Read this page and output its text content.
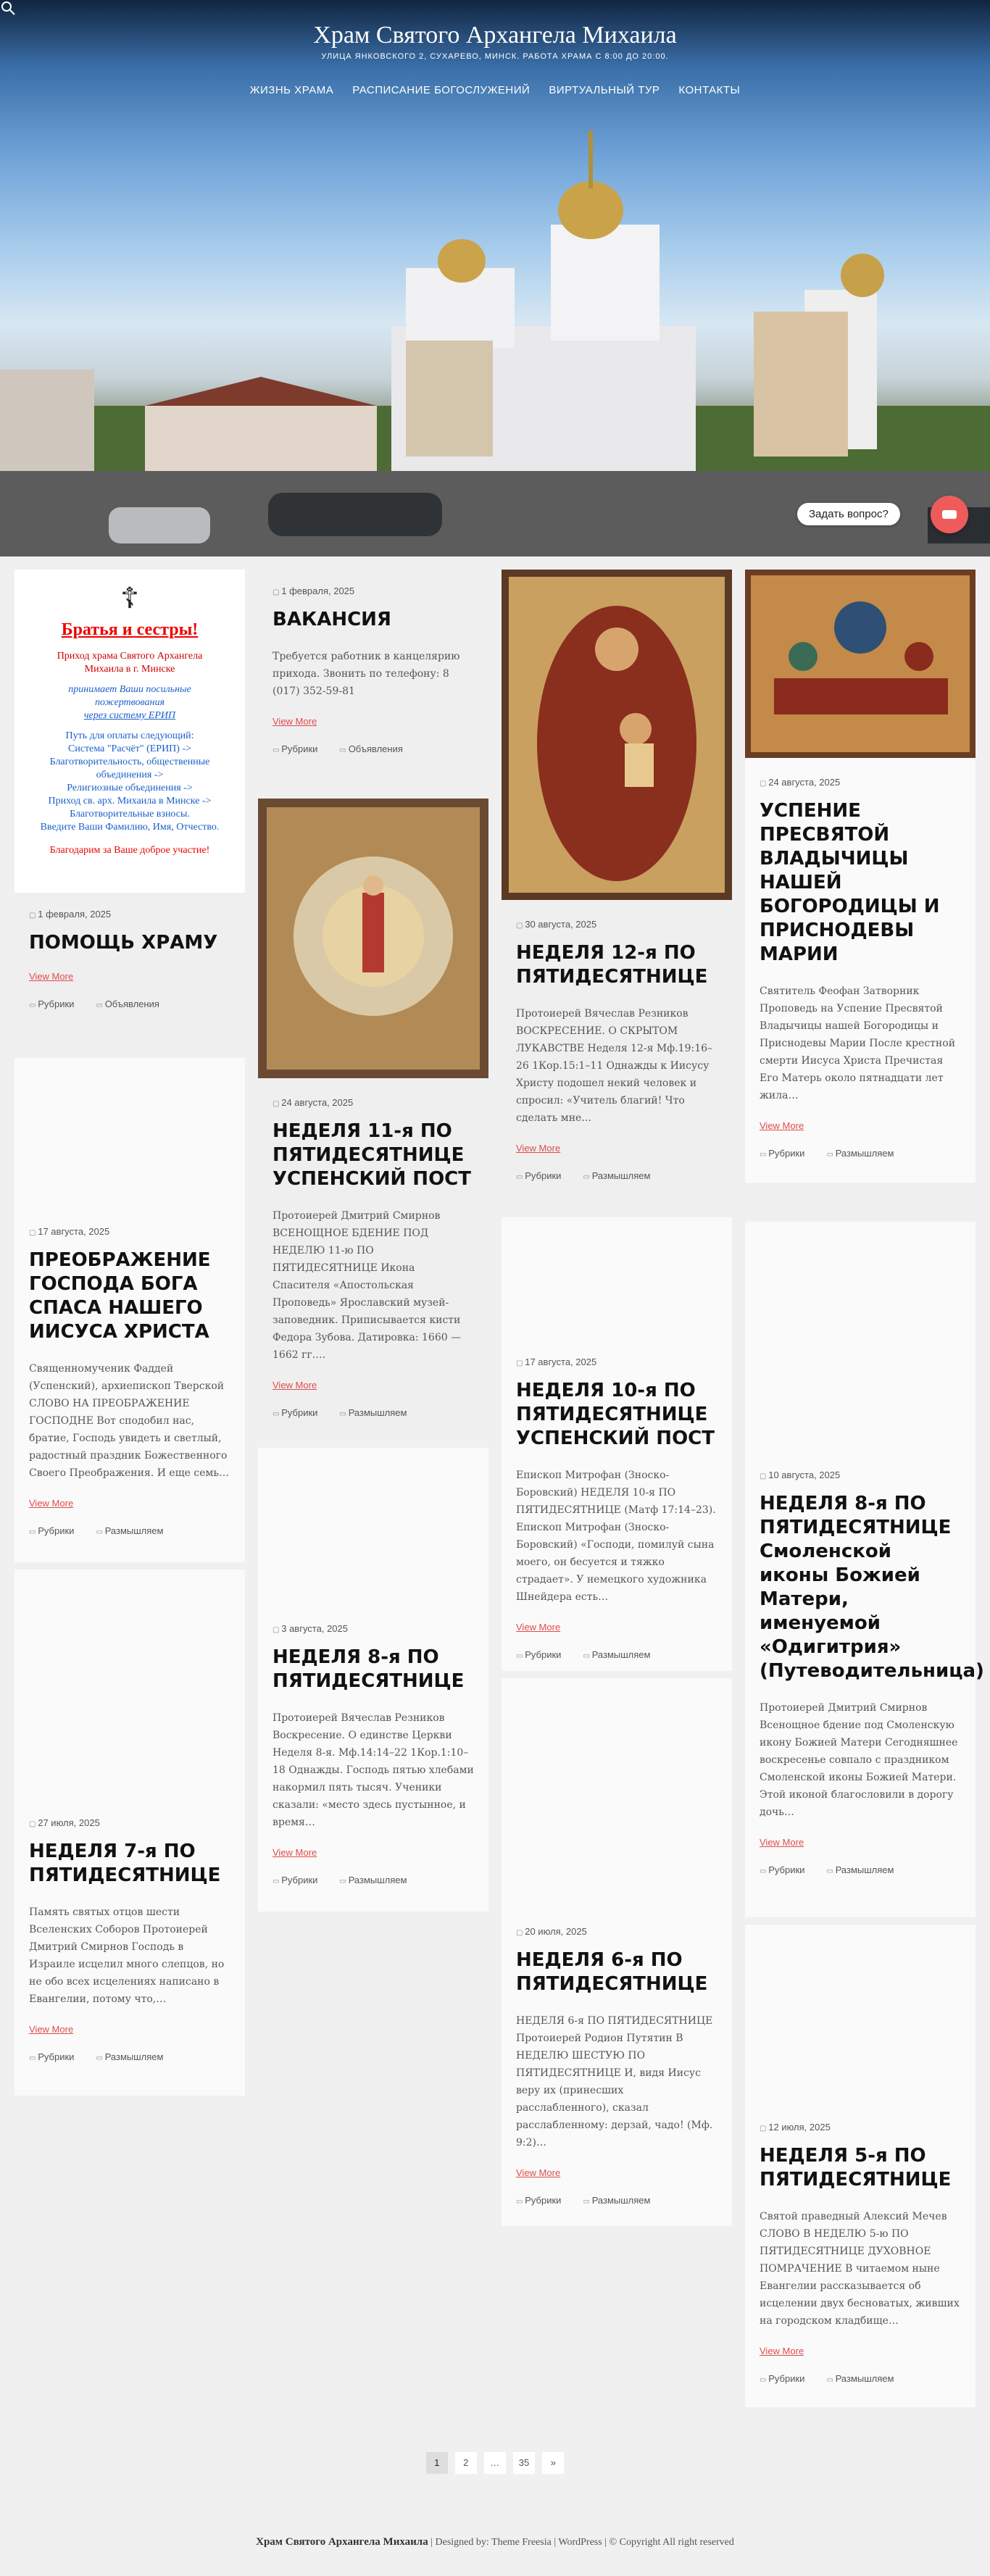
Храм Святого Архангела Михаила
УЛИЦА ЯНКОВСКОГО 2, СУХАРЕВО, МИНСК. РАБОТА ХРАМА С 8:00 ДО 20:00.
ЖИЗНЬ ХРАМА РАСПИСАНИЕ БОГОСЛУЖЕНИЙ ВИРТУАЛЬНЫЙ ТУР КОНТАКТЫ
Задать вопрос?
☦
Братья и сестры!

Приход храма Святого Архангела

Михаила в г. Минске

принимает Ваши посильные

пожертвования

через систему ЕРИП

Путь для оплаты следующий:

Система "Расчёт" (ЕРИП) ->

Благотворительность, общественные

объединения ->

Религиозные объединения ->

Приход св. арх. Михаила в Минске ->

Благотворительные взносы.

Введите Ваши Фамилию, Имя, Отчество.

Благодарим за Ваше доброе участие!

▢ 1 февраля, 2025
ПОМОЩЬ ХРАМУ
View More
▭ Рубрики	▭ Объявления
▢ 17 августа, 2025
ПРЕОБРАЖЕНИЕ ГОСПОДА БОГА СПАСА НАШЕГО ИИСУСА ХРИСТА
Священномученик Фаддей (Успенский), архиепископ Тверской СЛОВО НА ПРЕОБРАЖЕНИЕ ГОСПОДНЕ Вот сподобил нас, братие, Господь увидеть и светлый, радостный праздник Божественного Своего Преображения. И еще семь…
View More
▭ Рубрики	▭ Размышляем
▢ 27 июля, 2025
НЕДЕЛЯ 7-я ПО ПЯТИДЕСЯТНИЦЕ
Память святых отцов шести Вселенских Соборов Протоиерей Дмитрий Смирнов Господь в Израиле исцелил много слепцов, но не обо всех исцелениях написано в Евангелии, потому что,…
View More
▭ Рубрики	▭ Размышляем
▢ 1 февраля, 2025
ВАКАНСИЯ
Требуется работник в канцелярию прихода. Звонить по телефону: 8 (017) 352-59-81
View More
▭ Рубрики	▭ Объявления
▢ 24 августа, 2025
НЕДЕЛЯ 11-я ПО ПЯТИДЕСЯТНИЦЕ УСПЕНСКИЙ ПОСТ
Протоиерей Дмитрий Смирнов ВСЕНОЩНОЕ БДЕНИЕ ПОД НЕДЕЛЮ 11-ю ПО ПЯТИДЕСЯТНИЦЕ Икона Спасителя «Апостольская Проповедь» Ярославский музей-заповедник. Приписывается кисти Федора Зубова. Датировка: 1660 — 1662 гг.…
View More
▭ Рубрики	▭ Размышляем
▢ 3 августа, 2025
НЕДЕЛЯ 8-я ПО ПЯТИДЕСЯТНИЦЕ
Протоиерей Вячеслав Резников Воскресение. О единстве Церкви Неделя 8-я. Мф.14:14–22 1Кор.1:10–18 Однажды. Господь пятью хлебами накормил пять тысяч. Ученики сказали: «место здесь пустынное, и время…
View More
▭ Рубрики	▭ Размышляем
▢ 30 августа, 2025
НЕДЕЛЯ 12-я ПО ПЯТИДЕСЯТНИЦЕ
Протоиерей Вячеслав Резников ВОСКРЕСЕНИЕ. О СКРЫТОМ ЛУКАВСТВЕ Неделя 12-я Мф.19:16–26 1Кор.15:1–11 Однажды к Иисусу Христу подошел некий человек и спросил: «Учитель благий! Что сделать мне…
View More
▭ Рубрики	▭ Размышляем
▢ 17 августа, 2025
НЕДЕЛЯ 10-я ПО ПЯТИДЕСЯТНИЦЕ УСПЕНСКИЙ ПОСТ
Епископ Митрофан (Зноско-Боровский) НЕДЕЛЯ 10-я ПО ПЯТИДЕСЯТНИЦЕ (Матф 17:14–23). Епископ Митрофан (Зноско-Боровский) «Господи, помилуй сына моего, он бесуется и тяжко страдает». У немецкого художника Шнейдера есть…
View More
▭ Рубрики	▭ Размышляем
▢ 20 июля, 2025
НЕДЕЛЯ 6-я ПО ПЯТИДЕСЯТНИЦЕ
НЕДЕЛЯ 6-я ПО ПЯТИДЕСЯТНИЦЕ Протоиерей Родион Путятин В НЕДЕЛЮ ШЕСТУЮ ПО ПЯТИДЕСЯТНИЦЕ И, видя Иисус веру их (принесших расслабленного), сказал расслабленному: дерзай, чадо! (Мф. 9:2)…
View More
▭ Рубрики	▭ Размышляем
▢ 24 августа, 2025
УСПЕНИЕ ПРЕСВЯТОЙ ВЛАДЫЧИЦЫ НАШЕЙ БОГОРОДИЦЫ И ПРИСНОДЕВЫ МАРИИ
Святитель Феофан Затворник Проповедь на Успение Пресвятой Владычицы нашей Богородицы и Приснодевы Марии После крестной смерти Иисуса Христа Пречистая Его Матерь около пятнадцати лет жила…
View More
▭ Рубрики	▭ Размышляем
▢ 10 августа, 2025
НЕДЕЛЯ 8-я ПО ПЯТИДЕСЯТНИЦЕ Смоленской иконы Божией Матери, именуемой «Одигитрия» (Путеводительница)
Протоиерей Дмитрий Смирнов Всенощное бдение под Смоленскую икону Божией Матери Сегодняшнее воскресенье совпало с праздником Смоленской иконы Божией Матери. Этой иконой благословили в дорогу дочь…
View More
▭ Рубрики	▭ Размышляем
▢ 12 июля, 2025
НЕДЕЛЯ 5-я ПО ПЯТИДЕСЯТНИЦЕ
Святой праведный Алексий Мечев СЛОВО В НЕДЕЛЮ 5-ю ПО ПЯТИДЕСЯТНИЦЕ ДУХОВНОЕ ПОМРАЧЕНИЕ В читаемом ныне Евангелии рассказывается об исцелении двух бесноватых, живших на городском кладбище…
View More
▭ Рубрики	▭ Размышляем
1	2	…	35	»
Храм Святого Архангела Михаила | Designed by: Theme Freesia | WordPress | © Copyright All right reserved
